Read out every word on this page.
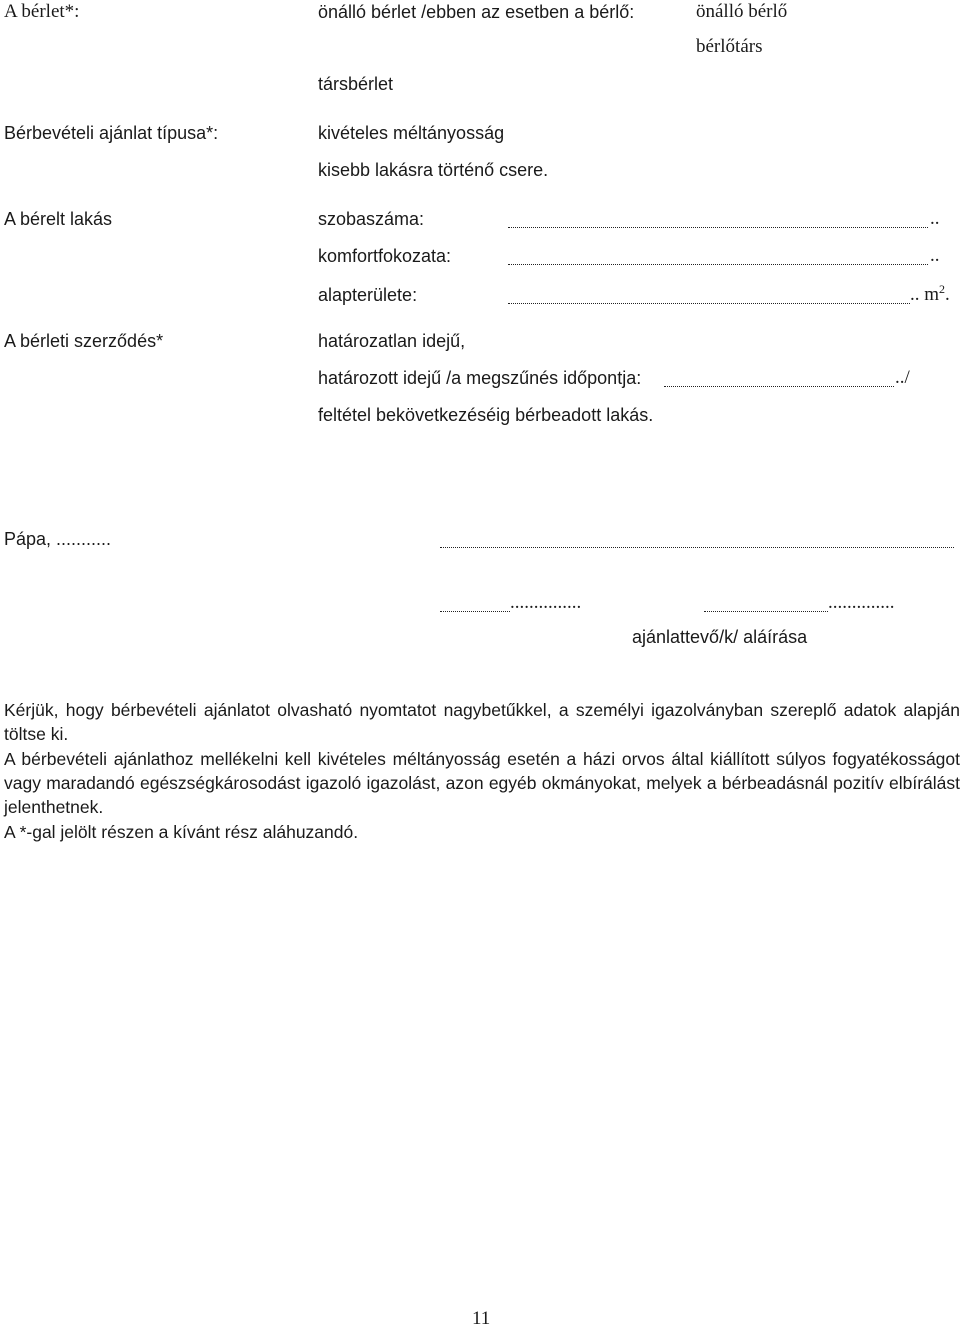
A bérlet*:	önálló bérlet /ebben az esetben a bérlő:	önálló bérlő
bérlőtárs
társbérlet
Bérbevételi ajánlat típusa*:	kivételes méltányosság
kisebb lakásra történő csere.
A bérelt lakás	szobaszáma:	..
komfortfokozata:	..
alapterülete:	.. $m^2$.
A bérleti szerződés*	határozatlan idejű,
határozott idejű /a megszűnés időpontja:	../
feltétel bekövetkezéséig bérbeadott lakás.
Pápa, ...........
...............	..............
ajánlattevő/k/ aláírása

Kérjük, hogy bérbevételi ajánlatot olvasható nyomtatot nagybetűkkel, a személyi igazolványban szereplő adatok alapján töltse ki.

A bérbevételi ajánlathoz mellékelni kell kivételes méltányosság esetén a házi orvos által kiállított súlyos fogyatékosságot vagy maradandó egészségkárosodást igazoló igazolást, azon egyéb okmányokat, melyek a bérbeadásnál pozitív elbírálást jelenthetnek.

A *-gal jelölt részen a kívánt rész aláhuzandó.

11
